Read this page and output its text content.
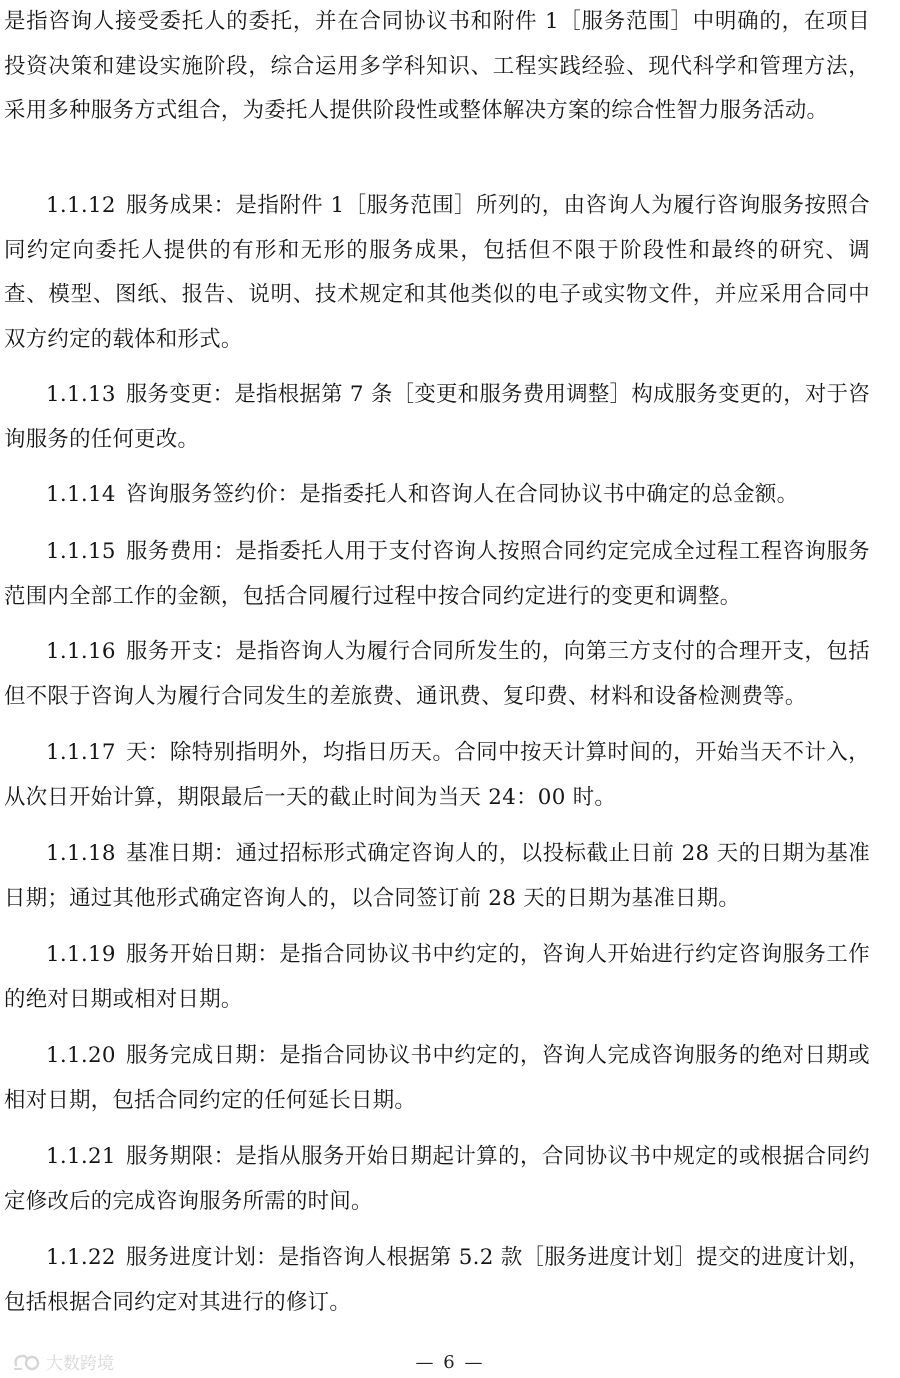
是指咨询人接受委托人的委托，并在合同协议书和附件 1［服务范围］中明确的，在项目投资决策和建设实施阶段，综合运用多学科知识、工程实践经验、现代科学和管理方法，采用多种服务方式组合，为委托人提供阶段性或整体解决方案的综合性智力服务活动。

1.1.12 服务成果：是指附件 1［服务范围］所列的，由咨询人为履行咨询服务按照合同约定向委托人提供的有形和无形的服务成果，包括但不限于阶段性和最终的研究、调查、模型、图纸、报告、说明、技术规定和其他类似的电子或实物文件，并应采用合同中双方约定的载体和形式。

1.1.13 服务变更：是指根据第 7 条［变更和服务费用调整］构成服务变更的，对于咨询服务的任何更改。

1.1.14 咨询服务签约价：是指委托人和咨询人在合同协议书中确定的总金额。

1.1.15 服务费用：是指委托人用于支付咨询人按照合同约定完成全过程工程咨询服务范围内全部工作的金额，包括合同履行过程中按合同约定进行的变更和调整。

1.1.16 服务开支：是指咨询人为履行合同所发生的，向第三方支付的合理开支，包括但不限于咨询人为履行合同发生的差旅费、通讯费、复印费、材料和设备检测费等。

1.1.17 天：除特别指明外，均指日历天。合同中按天计算时间的，开始当天不计入，从次日开始计算，期限最后一天的截止时间为当天 24：00 时。

1.1.18 基准日期：通过招标形式确定咨询人的，以投标截止日前 28 天的日期为基准日期；通过其他形式确定咨询人的，以合同签订前 28 天的日期为基准日期。

1.1.19 服务开始日期：是指合同协议书中约定的，咨询人开始进行约定咨询服务工作的绝对日期或相对日期。

1.1.20 服务完成日期：是指合同协议书中约定的，咨询人完成咨询服务的绝对日期或相对日期，包括合同约定的任何延长日期。

1.1.21 服务期限：是指从服务开始日期起计算的，合同协议书中规定的或根据合同约定修改后的完成咨询服务所需的时间。

1.1.22 服务进度计划：是指咨询人根据第 5.2 款［服务进度计划］提交的进度计划，包括根据合同约定对其进行的修订。

大数跨境	— 6 —
